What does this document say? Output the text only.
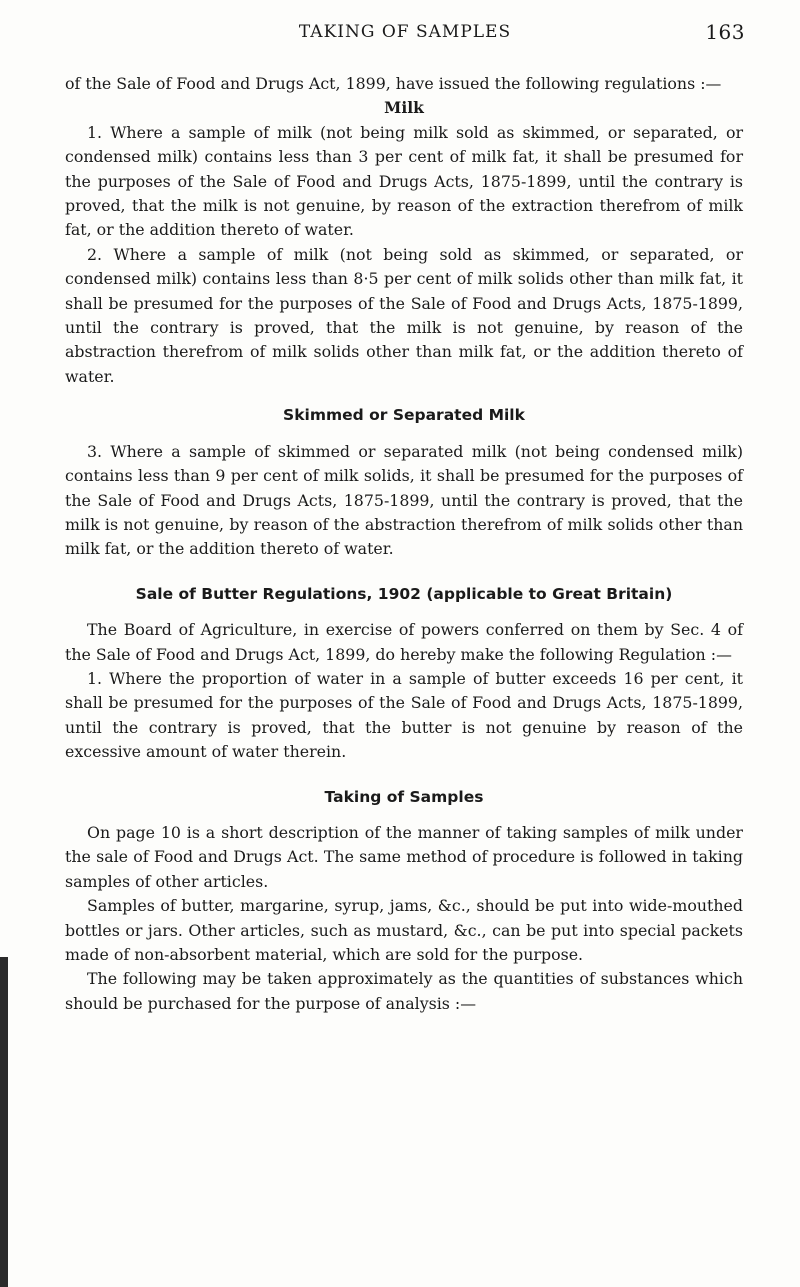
TAKING OF SAMPLES	163

of the Sale of Food and Drugs Act, 1899, have issued the following regulations :—

Milk

1. Where a sample of milk (not being milk sold as skimmed, or separated, or condensed milk) contains less than 3 per cent of milk fat, it shall be presumed for the purposes of the Sale of Food and Drugs Acts, 1875-1899, until the contrary is proved, that the milk is not genuine, by reason of the extraction therefrom of milk fat, or the addition thereto of water.

2. Where a sample of milk (not being sold as skimmed, or separated, or condensed milk) contains less than 8·5 per cent of milk solids other than milk fat, it shall be presumed for the purposes of the Sale of Food and Drugs Acts, 1875-1899, until the contrary is proved, that the milk is not genuine, by reason of the abstraction therefrom of milk solids other than milk fat, or the addition thereto of water.

Skimmed or Separated Milk

3. Where a sample of skimmed or separated milk (not being condensed milk) contains less than 9 per cent of milk solids, it shall be presumed for the purposes of the Sale of Food and Drugs Acts, 1875-1899, until the contrary is proved, that the milk is not genuine, by reason of the abstraction therefrom of milk solids other than milk fat, or the addition thereto of water.

Sale of Butter Regulations, 1902 (applicable to Great Britain)

The Board of Agriculture, in exercise of powers conferred on them by Sec. 4 of the Sale of Food and Drugs Act, 1899, do hereby make the following Regulation :—

1. Where the proportion of water in a sample of butter exceeds 16 per cent, it shall be presumed for the purposes of the Sale of Food and Drugs Acts, 1875-1899, until the contrary is proved, that the butter is not genuine by reason of the excessive amount of water therein.

Taking of Samples

On page 10 is a short description of the manner of taking samples of milk under the sale of Food and Drugs Act. The same method of procedure is followed in taking samples of other articles.

Samples of butter, margarine, syrup, jams, &c., should be put into wide-mouthed bottles or jars. Other articles, such as mustard, &c., can be put into special packets made of non-absorbent material, which are sold for the purpose.

The following may be taken approximately as the quantities of substances which should be purchased for the purpose of analysis :—
